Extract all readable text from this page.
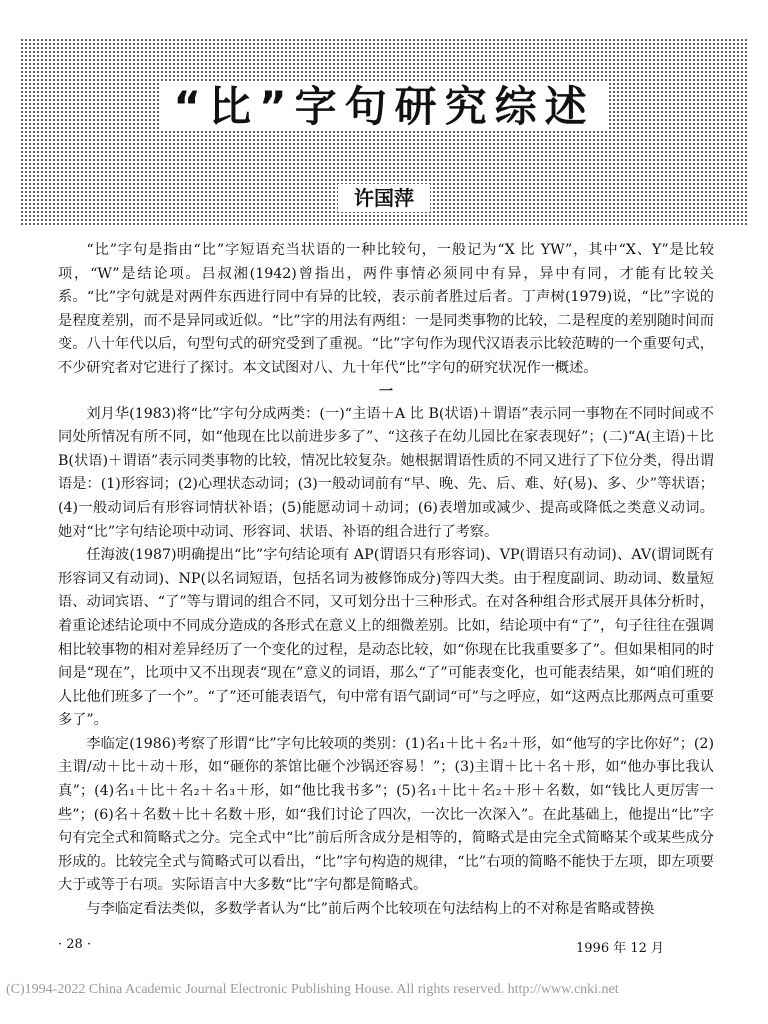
“比”字句研究综述
许国萍

“比”字句是指由“比”字短语充当状语的一种比较句，一般记为“X 比 YW”，其中“X、Y”是比较项，“W”是结论项。吕叔湘(1942)曾指出，两件事情必须同中有异，异中有同，才能有比较关系。“比”字句就是对两件东西进行同中有异的比较，表示前者胜过后者。丁声树(1979)说，“比”字说的是程度差别，而不是异同或近似。“比”字的用法有两组：一是同类事物的比较，二是程度的差别随时间而变。八十年代以后，句型句式的研究受到了重视。“比”字句作为现代汉语表示比较范畴的一个重要句式，不少研究者对它进行了探讨。本文试图对八、九十年代“比”字句的研究状况作一概述。

一

刘月华(1983)将“比”字句分成两类：(一)“主语＋A 比 B(状语)＋谓语”表示同一事物在不同时间或不同处所情况有所不同，如“他现在比以前进步多了”、“这孩子在幼儿园比在家表现好”；(二)“A(主语)＋比 B(状语)＋谓语”表示同类事物的比较，情况比较复杂。她根据谓语性质的不同又进行了下位分类，得出谓语是：(1)形容词；(2)心理状态动词；(3)一般动词前有“早、晚、先、后、难、好(易)、多、少”等状语；(4)一般动词后有形容词情状补语；(5)能愿动词＋动词；(6)表增加或减少、提高或降低之类意义动词。她对“比”字句结论项中动词、形容词、状语、补语的组合进行了考察。

任海波(1987)明确提出“比”字句结论项有 AP(谓语只有形容词)、VP(谓语只有动词)、AV(谓词既有形容词又有动词)、NP(以名词短语，包括名词为被修饰成分)等四大类。由于程度副词、助动词、数量短语、动词宾语、“了”等与谓词的组合不同，又可划分出十三种形式。在对各种组合形式展开具体分析时，着重论述结论项中不同成分造成的各形式在意义上的细微差别。比如，结论项中有“了”，句子往往在强调相比较事物的相对差异经历了一个变化的过程，是动态比较，如“你现在比我重要多了”。但如果相同的时间是“现在”，比项中又不出现表“现在”意义的词语，那么“了”可能表变化，也可能表结果，如“咱们班的人比他们班多了一个”。“了”还可能表语气，句中常有语气副词“可”与之呼应，如“这两点比那两点可重要多了”。

李临定(1986)考察了形谓“比”字句比较项的类别：(1)名₁＋比＋名₂＋形，如“他写的字比你好”；(2)主谓/动＋比＋动＋形，如“砸你的茶馆比砸个沙锅还容易！”；(3)主谓＋比＋名＋形，如“他办事比我认真”；(4)名₁＋比＋名₂＋名₃＋形，如“他比我书多”；(5)名₁＋比＋名₂＋形＋名数，如“钱比人更厉害一些”；(6)名＋名数＋比＋名数＋形，如“我们讨论了四次，一次比一次深入”。在此基础上，他提出“比”字句有完全式和简略式之分。完全式中“比”前后所含成分是相等的，简略式是由完全式简略某个或某些成分形成的。比较完全式与简略式可以看出，“比”字句构造的规律，“比”右项的简略不能快于左项，即左项要大于或等于右项。实际语言中大多数“比”字句都是简略式。

与李临定看法类似，多数学者认为“比”前后两个比较项在句法结构上的不对称是省略或替换

· 28 ·	1996 年 12 月
(C)1994-2022 China Academic Journal Electronic Publishing House. All rights reserved. http://www.cnki.net
